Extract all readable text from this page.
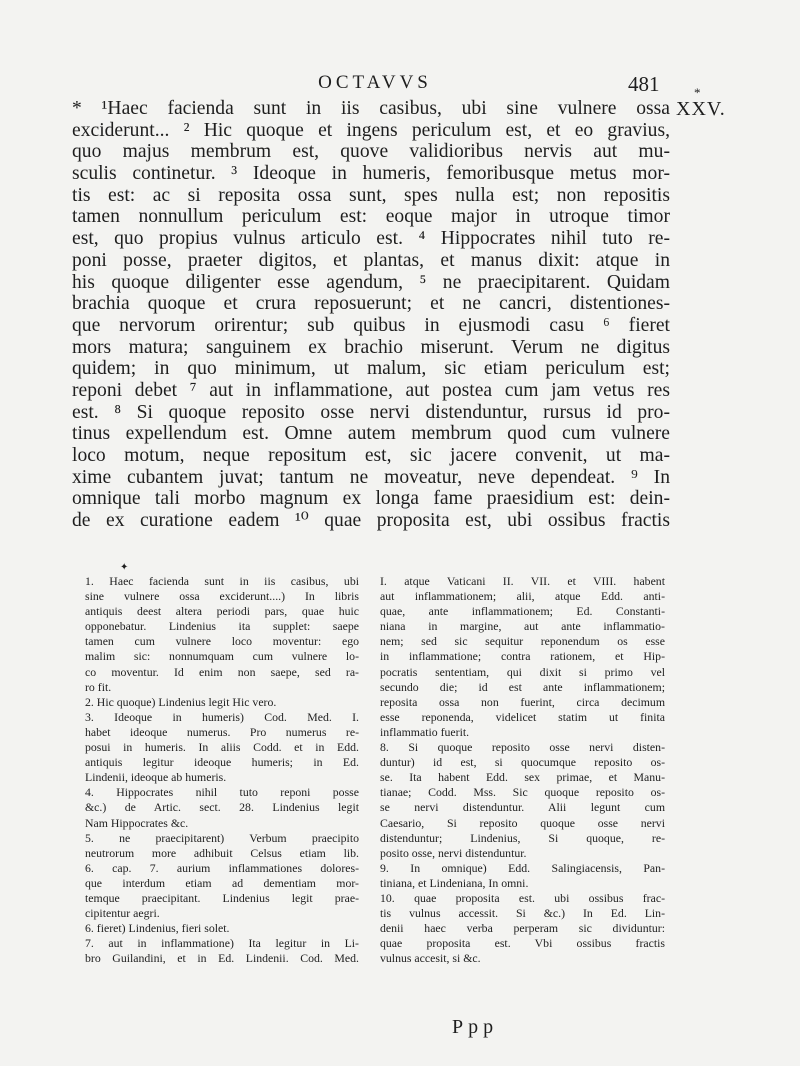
OCTAVVS	481	*
XXV.
* ¹Haec facienda sunt in iis casibus, ubi sine vulnere ossa
exciderunt... ² Hic quoque et ingens periculum est, et eo gravius,
quo majus membrum est, quove validioribus nervis aut mu-
sculis continetur. ³ Ideoque in humeris, femoribusque metus mor-
tis est: ac si reposita ossa sunt, spes nulla est; non repositis
tamen nonnullum periculum est: eoque major in utroque timor
est, quo propius vulnus articulo est. ⁴ Hippocrates nihil tuto re-
poni posse, praeter digitos, et plantas, et manus dixit: atque in
his quoque diligenter esse agendum, ⁵ ne praecipitarent. Quidam
brachia quoque et crura reposuerunt; et ne cancri, distentiones-
que nervorum orirentur; sub quibus in ejusmodi casu ⁶ fieret
mors matura; sanguinem ex brachio miserunt. Verum ne digitus
quidem; in quo minimum, ut malum, sic etiam periculum est;
reponi debet ⁷ aut in inflammatione, aut postea cum jam vetus res
est. ⁸ Si quoque reposito osse nervi distenduntur, rursus id pro-
tinus expellendum est. Omne autem membrum quod cum vulnere
loco motum, neque repositum est, sic jacere convenit, ut ma-
xime cubantem juvat; tantum ne moveatur, neve dependeat. ⁹ In
omnique tali morbo magnum ex longa fame praesidium est: dein-
de ex curatione eadem ¹⁰ quae proposita est, ubi ossibus fractis
✦
1. Haec facienda sunt in iis casibus, ubi
sine vulnere ossa exciderunt....) In libris
antiquis deest altera periodi pars, quae huic
opponebatur. Lindenius ita supplet: saepe
tamen cum vulnere loco moventur: ego
malim sic: nonnumquam cum vulnere lo-
co moventur. Id enim non saepe, sed ra-
ro fit.
2. Hic quoque) Lindenius legit Hic vero.
3. Ideoque in humeris) Cod. Med. I.
habet ideoque numerus. Pro numerus re-
posui in humeris. In aliis Codd. et in Edd.
antiquis legitur ideoque humeris; in Ed.
Lindenii, ideoque ab humeris.
4. Hippocrates nihil tuto reponi posse
&c.) de Artic. sect. 28. Lindenius legit
Nam Hippocrates &c.
5. ne praecipitarent) Verbum praecipito
neutrorum more adhibuit Celsus etiam lib.
6. cap. 7. aurium inflammationes dolores-
que interdum etiam ad dementiam mor-
temque praecipitant. Lindenius legit prae-
cipitentur aegri.
6. fieret) Lindenius, fieri solet.
7. aut in inflammatione) Ita legitur in Li-
bro Guilandini, et in Ed. Lindenii. Cod. Med.
I. atque Vaticani II. VII. et VIII. habent
aut inflammationem; alii, atque Edd. anti-
quae, ante inflammationem; Ed. Constanti-
niana in margine, aut ante inflammatio-
nem; sed sic sequitur reponendum os esse
in inflammatione; contra rationem, et Hip-
pocratis sententiam, qui dixit si primo vel
secundo die; id est ante inflammationem;
reposita ossa non fuerint, circa decimum
esse reponenda, videlicet statim ut finita
inflammatio fuerit.
8. Si quoque reposito osse nervi disten-
duntur) id est, si quocumque reposito os-
se. Ita habent Edd. sex primae, et Manu-
tianae; Codd. Mss. Sic quoque reposito os-
se nervi distenduntur. Alii legunt cum
Caesario, Si reposito quoque osse nervi
distenduntur; Lindenius, Si quoque, re-
posito osse, nervi distenduntur.
9. In omnique) Edd. Salingiacensis, Pan-
tiniana, et Lindeniana, In omni.
10. quae proposita est. ubi ossibus frac-
tis vulnus accessit. Si &c.) In Ed. Lin-
denii haec verba perperam sic dividuntur:
quae proposita est. Vbi ossibus fractis
vulnus accesit, si &c.
Ppp
